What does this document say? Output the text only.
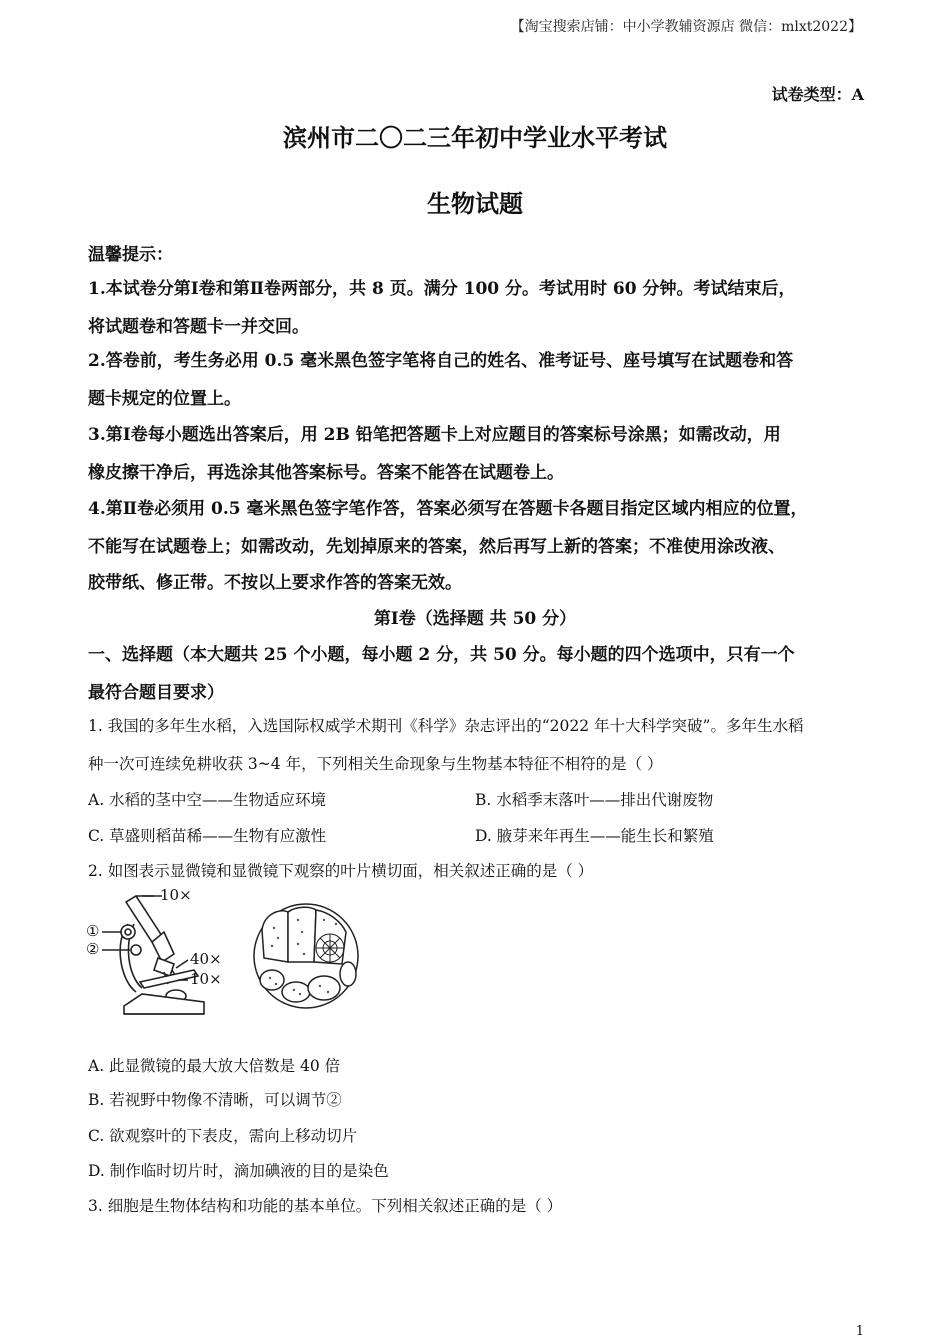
【淘宝搜索店铺：中小学教辅资源店 微信：mlxt2022】
试卷类型：A
滨州市二〇二三年初中学业水平考试
生物试题
温馨提示：
1.本试卷分第Ⅰ卷和第Ⅱ卷两部分，共 8 页。满分 100 分。考试用时 60 分钟。考试结束后，
将试题卷和答题卡一并交回。
2.答卷前，考生务必用 0.5 毫米黑色签字笔将自己的姓名、准考证号、座号填写在试题卷和答
题卡规定的位置上。
3.第Ⅰ卷每小题选出答案后，用 2B 铅笔把答题卡上对应题目的答案标号涂黑；如需改动，用
橡皮擦干净后，再选涂其他答案标号。答案不能答在试题卷上。
4.第Ⅱ卷必须用 0.5 毫米黑色签字笔作答，答案必须写在答题卡各题目指定区域内相应的位置，
不能写在试题卷上；如需改动，先划掉原来的答案，然后再写上新的答案；不准使用涂改液、
胶带纸、修正带。不按以上要求作答的答案无效。
第Ⅰ卷（选择题 共 50 分）
一、选择题（本大题共 25 个小题，每小题 2 分，共 50 分。每小题的四个选项中，只有一个
最符合题目要求）
1. 我国的多年生水稻，入选国际权威学术期刊《科学》杂志评出的“2022 年十大科学突破”。多年生水稻
种一次可连续免耕收获 3~4 年，下列相关生命现象与生物基本特征不相符的是（ ）
A. 水稻的茎中空——生物适应环境	B. 水稻季末落叶——排出代谢废物
C. 草盛则稻苗稀——生物有应激性	D. 腋芽来年再生——能生长和繁殖
2. 如图表示显微镜和显微镜下观察的叶片横切面，相关叙述正确的是（ ）
10×
①
②
40×
10×
A. 此显微镜的最大放大倍数是 40 倍
B. 若视野中物像不清晰，可以调节②
C. 欲观察叶的下表皮，需向上移动切片
D. 制作临时切片时，滴加碘液的目的是染色
3. 细胞是生物体结构和功能的基本单位。下列相关叙述正确的是（ ）
1
